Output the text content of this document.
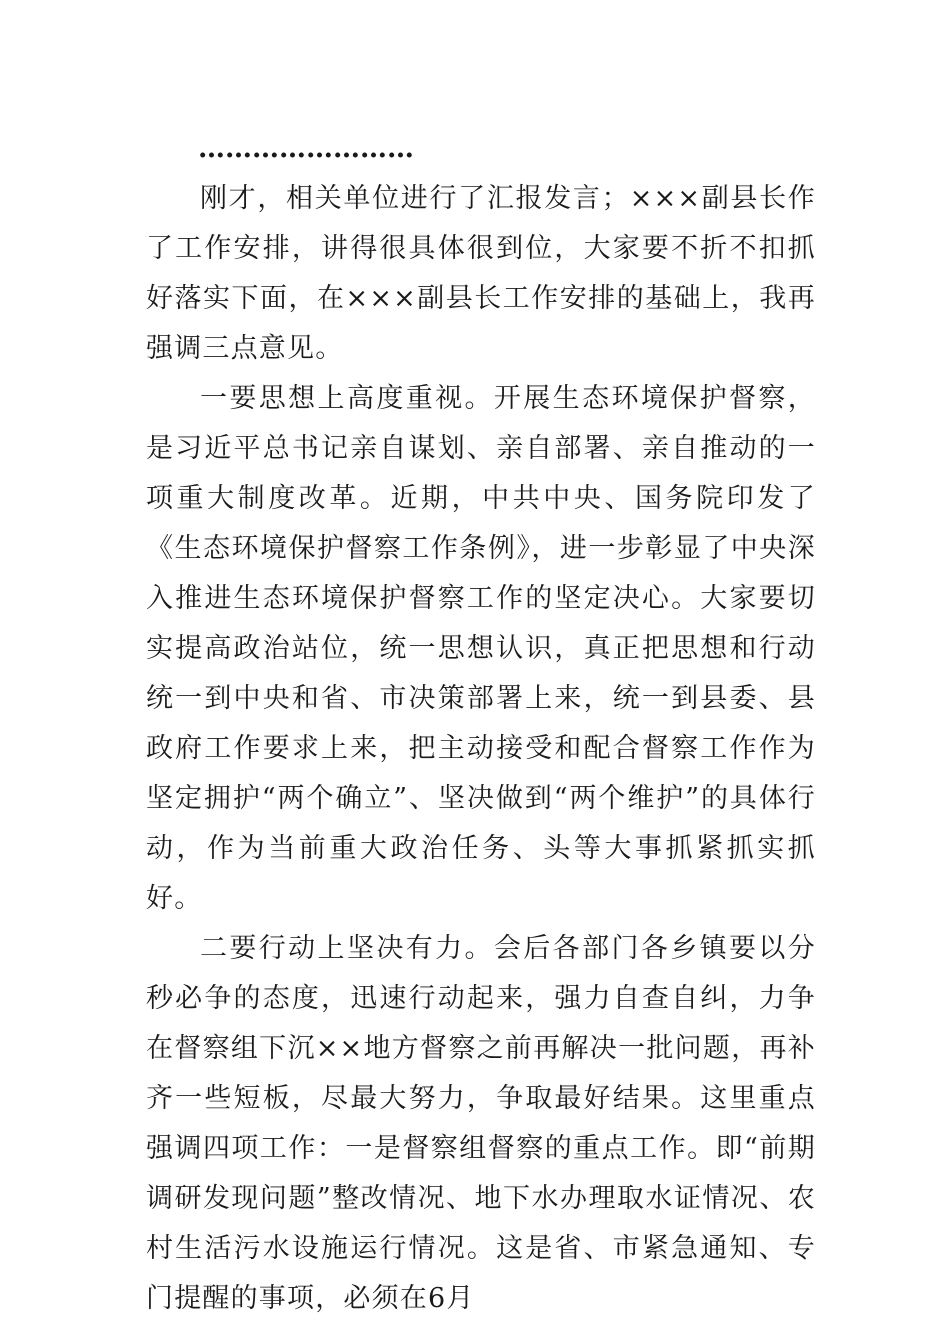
……………………

刚才，相关单位进行了汇报发言；×××副县长作了工作安排，讲得很具体很到位，大家要不折不扣抓好落实下面，在×××副县长工作安排的基础上，我再强调三点意见。

一要思想上高度重视。开展生态环境保护督察，是习近平总书记亲自谋划、亲自部署、亲自推动的一项重大制度改革。近期，中共中央、国务院印发了《生态环境保护督察工作条例》，进一步彰显了中央深入推进生态环境保护督察工作的坚定决心。大家要切实提高政治站位，统一思想认识，真正把思想和行动统一到中央和省、市决策部署上来，统一到县委、县政府工作要求上来，把主动接受和配合督察工作作为坚定拥护“两个确立”、坚决做到“两个维护”的具体行动，作为当前重大政治任务、头等大事抓紧抓实抓好。

二要行动上坚决有力。会后各部门各乡镇要以分秒必争的态度，迅速行动起来，强力自查自纠，力争在督察组下沉××地方督察之前再解决一批问题，再补齐一些短板，尽最大努力，争取最好结果。这里重点强调四项工作：一是督察组督察的重点工作。即“前期调研发现问题”整改情况、地下水办理取水证情况、农村生活污水设施运行情况。这是省、市紧急通知、专门提醒的事项，必须在6月
